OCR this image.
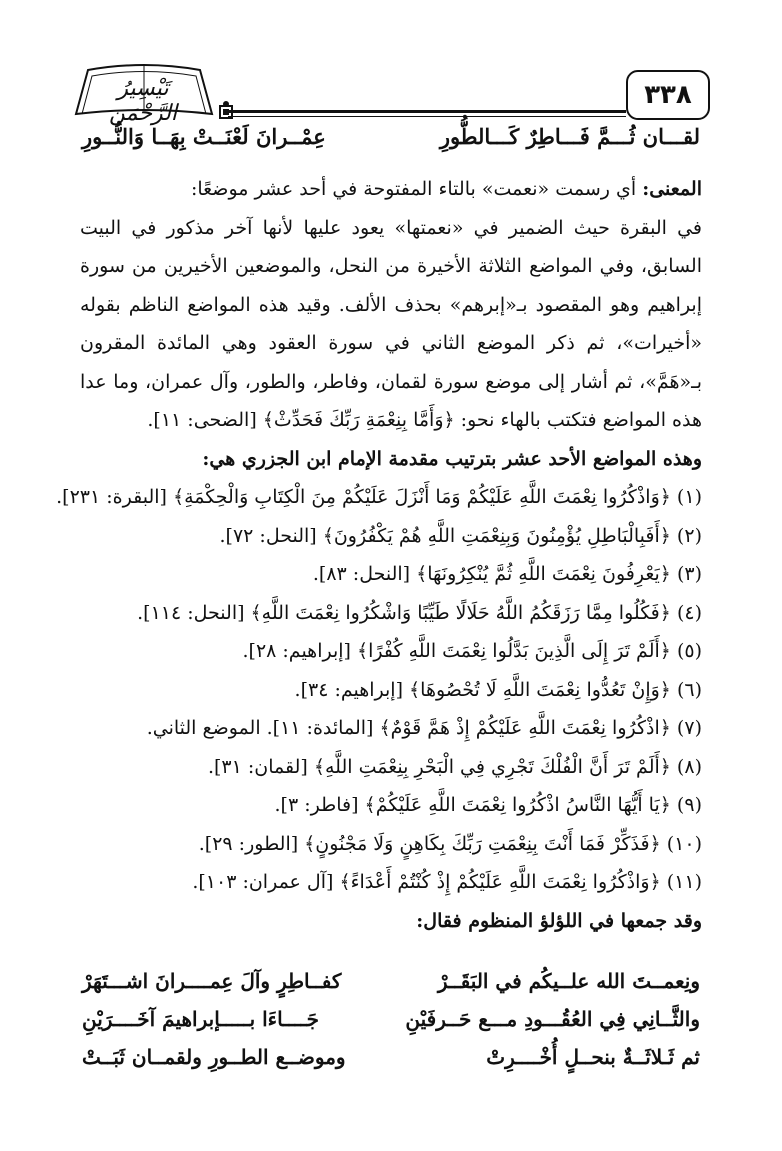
تَيْسِيرُ الرَّحْمَن
٣٣٨
لقـــان ثُـــمَّ فَـــاطِرٌ كَـــالطُّورِ
عِمْــرانَ لَعْنَــتْ بِهَــا وَالنُّــورِ

المعنى: أي رسمت «نعمت» بالتاء المفتوحة في أحد عشر موضعًا:

في البقرة حيث الضمير في «نعمتها» يعود عليها لأنها آخر مذكور في البيت السابق، وفي المواضع الثلاثة الأخيرة من النحل، والموضعين الأخيرين من سورة إبراهيم وهو المقصود بـ«إبرهم» بحذف الألف. وقيد هذه المواضع الناظم بقوله «أخيرات»، ثم ذكر الموضع الثاني في سورة العقود وهي المائدة المقرون بـ«هَمَّ»، ثم أشار إلى موضع سورة لقمان، وفاطر، والطور، وآل عمران، وما عدا هذه المواضع فتكتب بالهاء نحو: ﴿وَأَمَّا بِنِعْمَةِ رَبِّكَ فَحَدِّثْ﴾ [الضحى: ١١].

وهذه المواضع الأحد عشر بترتيب مقدمة الإمام ابن الجزري هي:

(١) ﴿وَاذْكُرُوا نِعْمَتَ اللَّهِ عَلَيْكُمْ وَمَا أَنْزَلَ عَلَيْكُمْ مِنَ الْكِتَابِ وَالْحِكْمَةِ﴾ [البقرة: ٢٣١].
(٢) ﴿أَفَبِالْبَاطِلِ يُؤْمِنُونَ وَبِنِعْمَتِ اللَّهِ هُمْ يَكْفُرُونَ﴾ [النحل: ٧٢].
(٣) ﴿يَعْرِفُونَ نِعْمَتَ اللَّهِ ثُمَّ يُنْكِرُونَهَا﴾ [النحل: ٨٣].
(٤) ﴿فَكُلُوا مِمَّا رَزَقَكُمُ اللَّهُ حَلَالًا طَيِّبًا وَاشْكُرُوا نِعْمَتَ اللَّهِ﴾ [النحل: ١١٤].
(٥) ﴿أَلَمْ تَرَ إِلَى الَّذِينَ بَدَّلُوا نِعْمَتَ اللَّهِ كُفْرًا﴾ [إبراهيم: ٢٨].
(٦) ﴿وَإِنْ تَعُدُّوا نِعْمَتَ اللَّهِ لَا تُحْصُوهَا﴾ [إبراهيم: ٣٤].
(٧) ﴿اذْكُرُوا نِعْمَتَ اللَّهِ عَلَيْكُمْ إِذْ هَمَّ قَوْمٌ﴾ [المائدة: ١١]. الموضع الثاني.
(٨) ﴿أَلَمْ تَرَ أَنَّ الْفُلْكَ تَجْرِي فِي الْبَحْرِ بِنِعْمَتِ اللَّهِ﴾ [لقمان: ٣١].
(٩) ﴿يَا أَيُّهَا النَّاسُ اذْكُرُوا نِعْمَتَ اللَّهِ عَلَيْكُمْ﴾ [فاطر: ٣].
(١٠) ﴿فَذَكِّرْ فَمَا أَنْتَ بِنِعْمَتِ رَبِّكَ بِكَاهِنٍ وَلَا مَجْنُونٍ﴾ [الطور: ٢٩].
(١١) ﴿وَاذْكُرُوا نِعْمَتَ اللَّهِ عَلَيْكُمْ إِذْ كُنْتُمْ أَعْدَاءً﴾ [آل عمران: ١٠٣].

وقد جمعها في اللؤلؤ المنظوم فقال:

ونِعمــتَ الله علــيكُم في البَقَــرْ
كفــاطِرٍ وآلَ عِمــــرانَ اشـــتَهَرْ
والثَّــانِي فِي العُقُـــودِ مـــع حَــرفَيْنِ
جَــــاءَا بـــــإبراهيمَ آخَــــرَيْنِ
ثم ثَـلاثَــةٌ بنحــلٍ أُخْــــرِتْ
وموضــع الطــورِ ولقمــان ثَبَــتْ
